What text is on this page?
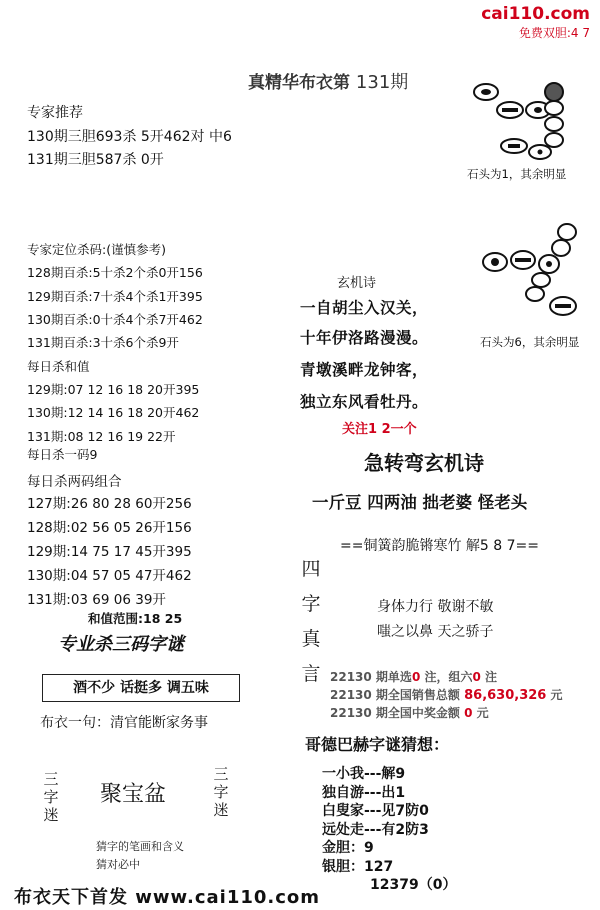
cai110.com
免费双胆:4 7
真精华布衣第 131期
专家推荐
130期三胆693杀 5开462对 中6
131期三胆587杀 0开
专家定位杀码:(谨慎参考)
128期百杀:5十杀2个杀0开156
129期百杀:7十杀4个杀1开395
130期百杀:0十杀4个杀7开462
131期百杀:3十杀6个杀9开
每日杀和值
129期:07 12 16 18 20开395
130期:12 14 16 18 20开462
131期:08 12 16 19 22开
每日杀一码9
每日杀两码组合
127期:26 80 28 60开256
128期:02 56 05 26开156
129期:14 75 17 45开395
130期:04 57 05 47开462
131期:03 69 06 39开
和值范围:18 25
专业杀三码字谜
酒不少 话挺多 调五味
布衣一句：清官能断家务事
三字迷
聚宝盆
三字迷
猜字的笔画和含义
猜对必中
石头为1，其余明显
石头为6，其余明显
玄机诗
一自胡尘入汉关，
十年伊洛路漫漫。
青墩溪畔龙钟客，
独立东风看牡丹。
关注1 2一个
急转弯玄机诗
一斤豆 四两油 拙老婆 怪老头
==铜簧韵脆锵寒竹 解5 8 7==
四
字
真
言
身体力行 敬谢不敏
嗤之以鼻 天之骄子
22130 期单选0 注，组六0 注
22130 期全国销售总额 86,630,326 元
22130 期全国中奖金额 0 元
哥德巴赫字谜猜想：
一小我---解9
独自游---出1
白叟家---见7防0
远处走---有2防3
金胆：9
银胆：127
12379（0）
布衣天下首发 www.cai110.com
